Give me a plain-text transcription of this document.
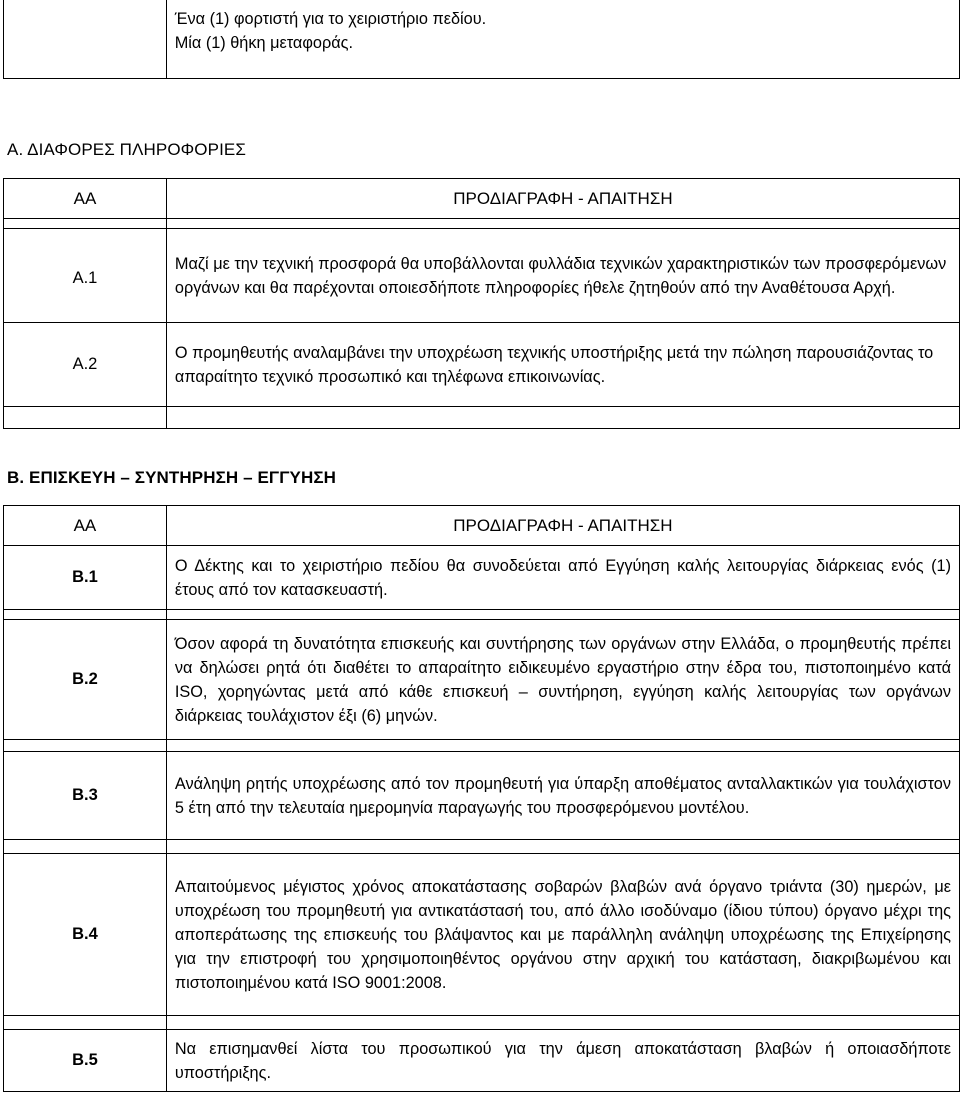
Ένα (1) φορτιστή για το χειριστήριο πεδίου.
Μία (1) θήκη μεταφοράς.
Α. ΔΙΑΦΟΡΕΣ ΠΛΗΡΟΦΟΡΙΕΣ
ΑΑ	ΠΡΟΔΙΑΓΡΑΦΗ - ΑΠΑΙΤΗΣΗ

Α.1	Μαζί με την τεχνική προσφορά θα υποβάλλονται φυλλάδια τεχνικών χαρακτηριστικών των προσφερόμενων οργάνων και θα παρέχονται οποιεσδήποτε πληροφορίες ήθελε ζητηθούν από την Αναθέτουσα Αρχή.
Α.2	Ο προμηθευτής αναλαμβάνει την υποχρέωση τεχνικής υποστήριξης μετά την πώληση παρουσιάζοντας το απαραίτητο τεχνικό προσωπικό και τηλέφωνα επικοινωνίας.

Β. ΕΠΙΣΚΕΥΗ – ΣΥΝΤΗΡΗΣΗ – ΕΓΓΥΗΣΗ
ΑΑ	ΠΡΟΔΙΑΓΡΑΦΗ - ΑΠΑΙΤΗΣΗ
Β.1	Ο Δέκτης και το χειριστήριο πεδίου θα συνοδεύεται από Εγγύηση καλής λειτουργίας διάρκειας ενός (1) έτους από τον κατασκευαστή.

Β.2	Όσον αφορά τη δυνατότητα επισκευής και συντήρησης των οργάνων στην Ελλάδα, ο προμηθευτής πρέπει να δηλώσει ρητά ότι διαθέτει το απαραίτητο ειδικευμένο εργαστήριο στην έδρα του, πιστοποιημένο κατά ISO, χορηγώντας μετά από κάθε επισκευή – συντήρηση, εγγύηση καλής λειτουργίας των οργάνων διάρκειας τουλάχιστον έξι (6) μηνών.

Β.3	Ανάληψη ρητής υποχρέωσης από τον προμηθευτή για ύπαρξη αποθέματος ανταλλακτικών για τουλάχιστον 5 έτη από την τελευταία ημερομηνία παραγωγής του προσφερόμενου μοντέλου.

Β.4	Απαιτούμενος μέγιστος χρόνος αποκατάστασης σοβαρών βλαβών ανά όργανο τριάντα (30) ημερών, με υποχρέωση του προμηθευτή για αντικατάστασή του, από άλλο ισοδύναμο (ίδιου τύπου) όργανο μέχρι της αποπεράτωσης της επισκευής του βλάψαντος και με παράλληλη ανάληψη υποχρέωσης της Επιχείρησης για την επιστροφή του χρησιμοποιηθέντος οργάνου στην αρχική του κατάσταση, διακριβωμένου και πιστοποιημένου κατά ISO 9001:2008.

Β.5	Να επισημανθεί λίστα του προσωπικού για την άμεση αποκατάσταση βλαβών ή οποιασδήποτε υποστήριξης.
